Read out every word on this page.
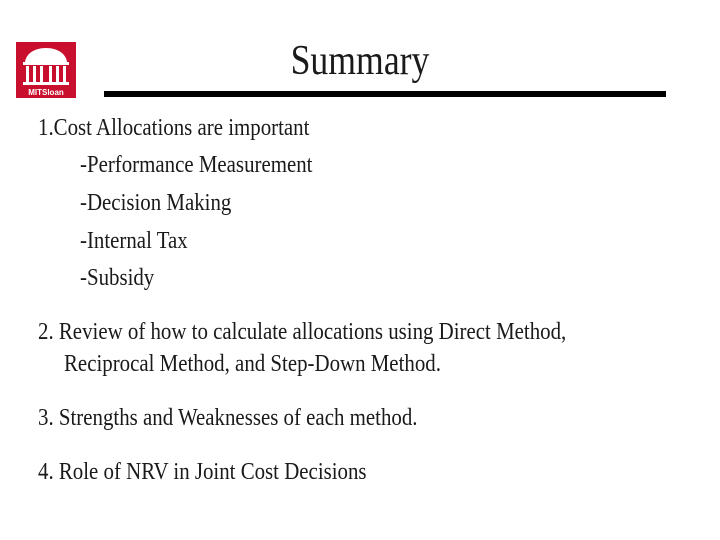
MITSloan
Summary
1.Cost Allocations are important
-Performance Measurement
-Decision Making
-Internal Tax
-Subsidy
2. Review of how to calculate allocations using Direct Method,
Reciprocal Method, and Step-Down Method.
3. Strengths and Weaknesses of each method.
4. Role of NRV in Joint Cost Decisions
